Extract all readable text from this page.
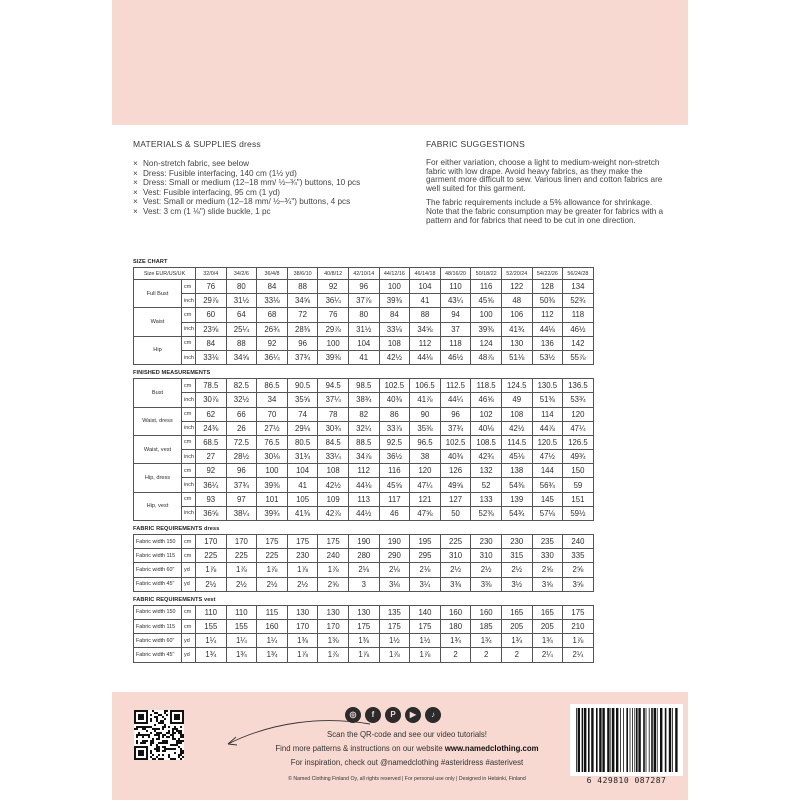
MATERIALS & SUPPLIES dress
× Non-stretch fabric, see below
× Dress: Fusible interfacing, 140 cm (1½ yd)
× Dress: Small or medium (12–18 mm/ ½–¾") buttons, 10 pcs
× Vest: Fusible interfacing, 95 cm (1 yd)
× Vest: Small or medium (12–18 mm/ ½–¾") buttons, 4 pcs
× Vest: 3 cm (1 ⅛") slide buckle, 1 pc
FABRIC SUGGESTIONS

For either variation, choose a light to medium-weight non-stretch fabric with low drape. Avoid heavy fabrics, as they make the garment more difficult to sew. Various linen and cotton fabrics are well suited for this garment.

The fabric requirements include a 5% allowance for shrinkage. Note that the fabric consumption may be greater for fabrics with a pattern and for fabrics that need to be cut in one direction.

SIZE CHART
Size EUR/US/UK		32/0/4	34/2/6	36/4/8	38/6/10	40/8/12	42/10/14	44/12/16	46/14/18	48/16/20	50/18/22	52/20/24	54/22/26	56/24/28
Full Bust	cm	76	80	84	88	92	96	100	104	110	116	122	128	134
	inch	29⅞	31½	33⅛	34⅝	36¼	37⅞	39⅜	41	43¼	45⅝	48	50⅜	52¾
Waist	cm	60	64	68	72	76	80	84	88	94	100	106	112	118
	inch	23⅝	25¼	26¾	28⅜	29⅞	31½	33⅛	34⅝	37	39⅜	41¾	44⅛	46½
Hip	cm	84	88	92	96	100	104	108	112	118	124	130	136	142
	inch	33⅛	34⅝	36¼	37¾	39⅜	41	42½	44⅛	46½	48⅞	51⅛	53½	55⅞
FINISHED MEASUREMENTS
Bust	cm	78.5	82.5	86.5	90.5	94.5	98.5	102.5	106.5	112.5	118.5	124.5	130.5	136.5
	inch	30⅞	32½	34	35⅝	37¼	38¾	40⅜	41⅞	44¼	46⅝	49	51⅜	53¾
Waist, dress	cm	62	66	70	74	78	82	86	90	96	102	108	114	120
	inch	24⅜	26	27½	29⅛	30¾	32¼	33⅞	35⅜	37¾	40⅛	42½	44⅞	47¼
Waist, vest	cm	68.5	72.5	76.5	80.5	84.5	88.5	92.5	96.5	102.5	108.5	114.5	120.5	126.5
	inch	27	28½	30⅛	31¾	33¼	34⅞	36½	38	40⅜	42¾	45⅛	47½	49¾
Hip, dress	cm	92	96	100	104	108	112	116	120	126	132	138	144	150
	inch	36¼	37¾	39⅜	41	42½	44⅛	45⅝	47¼	49⅝	52	54⅜	56¾	59
Hip, vest	cm	93	97	101	105	109	113	117	121	127	133	139	145	151
	inch	36⅝	38¼	39¾	41⅜	42⅞	44½	46	47⅝	50	52⅜	54¾	57⅛	59½
FABRIC REQUIREMENTS dress
Fabric width 150	cm	170	170	175	175	175	190	190	195	225	230	230	235	240
Fabric width 115	cm	225	225	225	230	240	280	290	295	310	310	315	330	335
Fabric width 60"	yd	1⅞	1⅞	1⅞	1⅞	1⅞	2⅛	2⅛	2⅛	2½	2½	2½	2⅝	2⅝
Fabric width 45"	yd	2½	2½	2½	2½	2⅝	3	3⅛	3¼	3⅜	3⅜	3½	3⅝	3⅝
FABRIC REQUIREMENTS vest
Fabric width 150	cm	110	110	115	130	130	130	135	140	160	160	165	165	175
Fabric width 115	cm	155	155	160	170	170	175	175	175	180	185	205	205	210
Fabric width 60"	yd	1¼	1¼	1¼	1⅜	1⅜	1⅜	1½	1½	1¾	1¾	1¾	1¾	1⅞
Fabric width 45"	yd	1¾	1¾	1¾	1⅞	1⅞	1⅞	1⅞	1⅞	2	2	2	2¼	2¼
◎	f	P	▶	♪
Scan the QR-code and see our video tutorials!
Find more patterns & instructions on our website www.namedclothing.com
For inspiration, check out @namedclothing #asteridress #asterivest
© Named Clothing Finland Oy, all rights reserved | For personal use only | Designed in Helsinki, Finland	6 429810 087287
